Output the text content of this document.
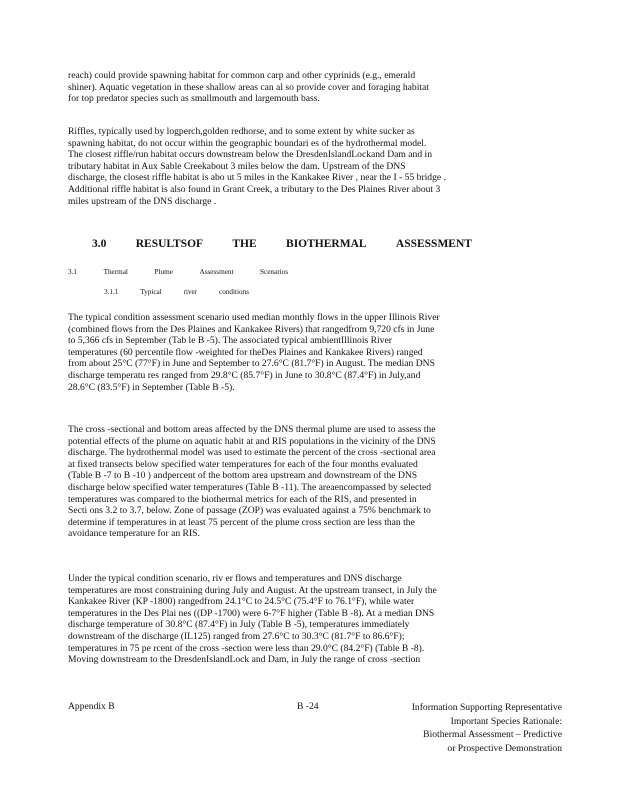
reach) could provide spawning habitat for common carp and other cyprinids (e.g., emerald
shiner). Aquatic vegetation in these shallow areas can al so provide cover and foraging habitat
for top predator species such as smallmouth and largemouth bass.
Riffles, typically used by logperch,golden redhorse, and to some extent by white sucker as
spawning habitat, do not occur within the geographic boundari es of the hydrothermal model.
The closest riffle/run habitat occurs downstream below the DresdenIslandLockand Dam and in
tributary habitat in Aux Sable Creekabout 3 miles below the dam. Upstream of the DNS
discharge, the closest riffle habitat is abo ut 5 miles in the Kankakee River , near the I - 55 bridge .
Additional riffle habitat is also found in Grant Creek, a tributary to the Des Plaines River about 3
miles upstream of the DNS discharge .
3.0	RESULTSOF	THE	BIOTHERMAL	ASSESSMENT
3.1	Thermal	Plume	Assessment	Scenarios
3.1.1	Typical	river	conditions
The typical condition assessment scenario used median monthly flows in the upper Illinois River
(combined flows from the Des Plaines and Kankakee Rivers) that rangedfrom 9,720 cfs in June
to 5,366 cfs in September (Tab le B -5). The associated typical ambientIllinois River
temperatures (60 percentile flow -weighted for theDes Plaines and Kankakee Rivers) ranged
from about 25°C (77°F) in June and September to 27.6°C (81.7°F) in August. The median DNS
discharge temperatu res ranged from 29.8°C (85.7°F) in June to 30.8°C (87.4°F) in July,and
28.6°C (83.5°F) in September (Table B -5).
The cross -sectional and bottom areas affected by the DNS thermal plume are used to assess the
potential effects of the plume on aquatic habit at and RIS populations in the vicinity of the DNS
discharge. The hydrothermal model was used to estimate the percent of the cross -sectional area
at fixed transects below specified water temperatures for each of the four months evaluated
(Table B -7 to B -10 ) andpercent of the bottom area upstream and downstream of the DNS
discharge below specified water temperatures (Table B -11). The areaencompassed by selected
temperatures was compared to the biothermal metrics for each of the RIS, and presented in
Secti ons 3.2 to 3.7, below. Zone of passage (ZOP) was evaluated against a 75% benchmark to
determine if temperatures in at least 75 percent of the plume cross section are less than the
avoidance temperature for an RIS.
Under the typical condition scenario, riv er flows and temperatures and DNS discharge
temperatures are most constraining during July and August. At the upstream transect, in July the
Kankakee River (KP -1800) rangedfrom 24.1°C to 24.5°C (75.4°F to 76.1°F), while water
temperatures in the Des Plai nes ((DP -1700) were 6-7°F higher (Table B -8). At a median DNS
discharge temperature of 30.8°C (87.4°F) in July (Table B -5), temperatures immediately
downstream of the discharge (IL125) ranged from 27.6°C to 30.3°C (81.7°F to 86.6°F);
temperatures in 75 pe rcent of the cross -section were less than 29.0°C (84.2°F) (Table B -8).
Moving downstream to the DresdenIslandLock and Dam, in July the range of cross -section
Appendix B	B -24	Information Supporting Representative
Important Species Rationale:
Biothermal Assessment – Predictive
or Prospective Demonstration
